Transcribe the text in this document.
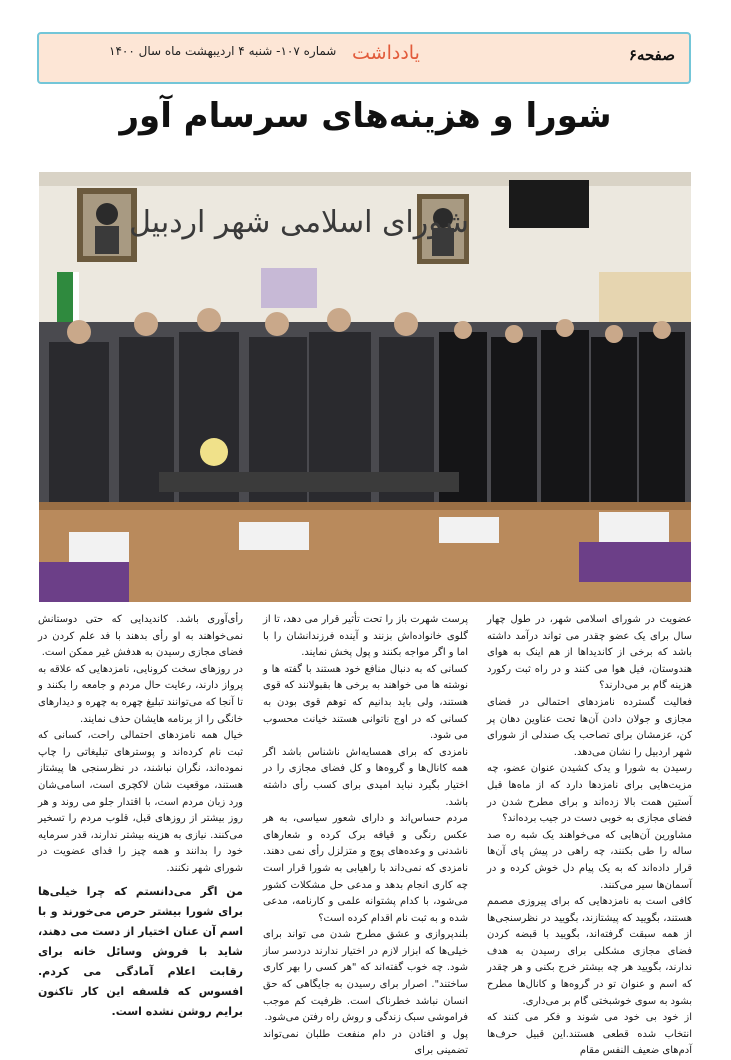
صفحه۶
یادداشت
شماره ۱۰۷- شنبه ۴ اردیبهشت ماه سال ۱۴۰۰
شورا و هزینه‌های سرسام آور
شورای اسلامی شهر اردبیل

عضویت در شورای اسلامی شهر، در طول چهار سال برای یک عضو چقدر می تواند درآمد داشته باشد که برخی از کاندیداها از هم اینک به هوای هندوستان، فیل هوا می کنند و در راه ثبت رکورد هزینه گام بر می‌دارند؟

فعالیت گسترده نامزدهای احتمالی در فضای مجازی و جولان دادن آن‌ها تحت عناوین دهان پر کن، عزمشان برای تصاحب یک صندلی از شورای شهر اردبیل را نشان می‌دهد.

رسیدن به شورا و یدک کشیدن عنوان عضو، چه مزیت‌هایی برای نامزدها دارد که از ماه‌ها قبل آستین همت بالا زده‌اند و برای مطرح شدن در فضای مجازی به خوبی دست در جیب برده‌اند؟

مشاورین آن‌هایی که می‌خواهند یک شبه ره صد ساله را طی بکنند، چه راهی در پیش پای آن‌ها قرار داده‌اند که به یک پیام دل خوش کرده و در آسمان‌ها سیر می‌کنند.

کافی است به نامزدهایی که برای پیروزی مصمم هستند، بگویید که پیشتازند، بگویید در نظرسنجی‌ها از همه سبقت گرفته‌اند، بگویید با قبضه کردن فضای مجازی مشکلی برای رسیدن به هدف ندارند، بگویید هر چه بیشتر خرج بکنی و هر چقدر که اسم و عنوان تو در گروه‌ها و کانال‌ها مطرح بشود به سوی خوشبختی گام بر می‌داری.

از خود بی خود می شوند و فکر می کنند که انتخاب شده قطعی هستند.این قبیل حرف‌ها آدم‌های ضعیف النفس مقام

پرست شهرت باز را تحت تأثیر قرار می دهد، تا از گلوی خانواده‌اش بزنند و آینده فرزندانشان را با اما و اگر مواجه بکنند و پول پخش نمایند.

کسانی که به دنبال منافع خود هستند با گفته ها و نوشته ها می خواهند به برخی ها بقبولانند که قوی هستند، ولی باید بدانیم که توهم قوی بودن به کسانی که در اوج ناتوانی هستند خیانت محسوب می شود.

نامزدی که برای همسایه‌اش ناشناس باشد اگر همه کانال‌ها و گروه‌ها و کل فضای مجازی را در اختیار بگیرد نباید امیدی برای کسب رأی داشته باشد.

مردم حساس‌اند و دارای شعور سیاسی، به هر عکس رنگی و قیافه برک کرده و شعارهای ناشدنی و وعده‌های پوچ و متزلزل رأی نمی دهند. نامزدی که نمی‌داند با راهیابی به شورا قرار است چه کاری انجام بدهد و مدعی حل مشکلات کشور می‌شود، با کدام پشتوانه علمی و کارنامه، مدعی شده و به ثبت نام اقدام کرده است؟

بلندپروازی و عشق مطرح شدن می تواند برای خیلی‌ها که ابزار لازم در اختیار ندارند دردسر ساز شود. چه خوب گفته‌اند که "هر کسی را بهر کاری ساختند". اصرار برای رسیدن به جایگاهی که حق انسان نباشد خطرناک است. ظرفیت کم موجب فراموشی سبک زندگی و روش راه رفتن می‌شود.

پول و افتادن در دام منفعت طلبان نمی‌تواند تضمینی برای

رأی‌آوری باشد. کاندیدایی که حتی دوستانش نمی‌خواهند به او رأی بدهند با فد علم کردن در فضای مجازی رسیدن به هدفش غیر ممکن است.

در روزهای سخت کرونایی، نامزدهایی که علاقه به پرواز دارند، رعایت حال مردم و جامعه را بکنند و تا آنجا که می‌توانند تبلیغ چهره به چهره و دیدارهای خانگی را از برنامه هایشان حذف نمایند.

خیال همه نامزدهای احتمالی راحت، کسانی که ثبت نام کرده‌اند و پوسترهای تبلیغاتی را چاپ نموده‌اند، نگران نباشند، در نظرسنجی ها پیشتاز هستند، موقعیت شان لاکچری است، اسامی‌شان ورد زبان مردم است، با اقتدار جلو می روند و هر روز بیشتر از روزهای قبل، قلوب مردم را تسخیر می‌کنند. نیازی به هزینه بیشتر ندارند، قدر سرمایه خود را بدانند و همه چیز را فدای عضویت در شورای شهر نکنند.

من اگر می‌دانستم که چرا خیلی‌ها برای شورا بیشتر حرص می‌خورند و با اسم آن عنان اختیار از دست می دهند، شاید با فروش وسائل خانه برای رقابت اعلام آمادگی می کردم. افسوس که فلسفه این کار تاکنون برایم روشن نشده است.
